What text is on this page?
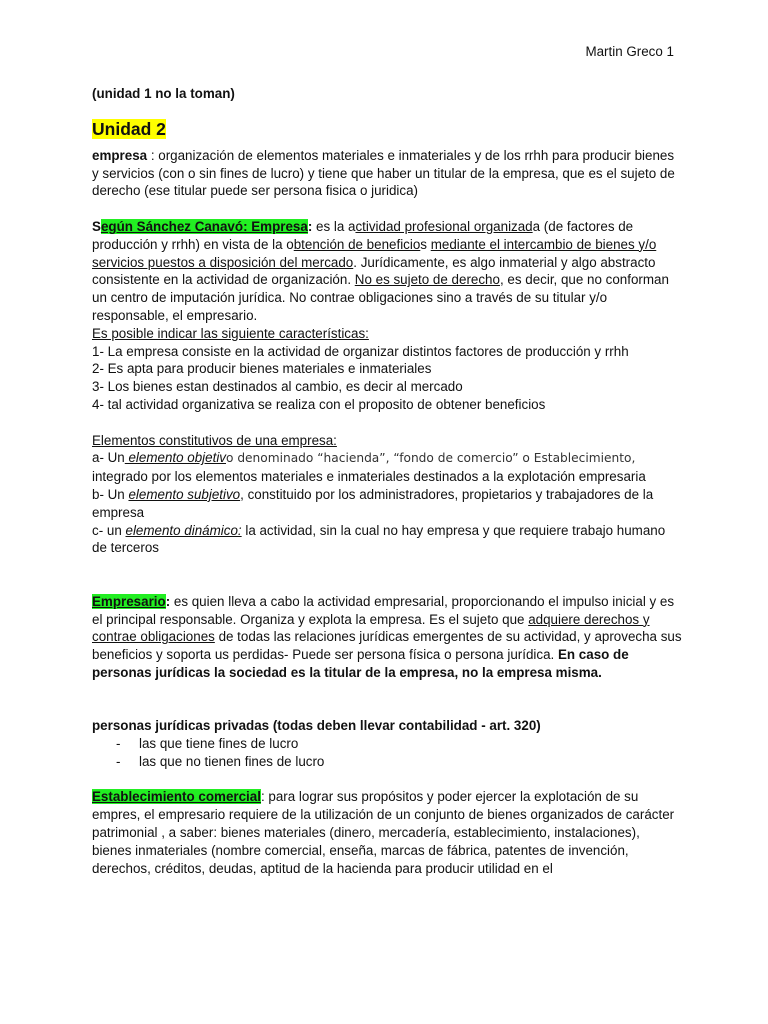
Martin Greco 1

(unidad 1 no la toman)

Unidad 2

empresa : organización de elementos materiales e inmateriales y de los rrhh para producir bienes y servicios (con o sin fines de lucro) y tiene que haber un titular de la empresa, que es el sujeto de derecho (ese titular puede ser persona fisica o juridica)

Según Sánchez Canavó: Empresa: es la actividad profesional organizada (de factores de producción y rrhh) en vista de la obtención de beneficios mediante el intercambio de bienes y/o servicios puestos a disposición del mercado. Jurídicamente, es algo inmaterial y algo abstracto consistente en la actividad de organización. No es sujeto de derecho, es decir, que no conforman un centro de imputación jurídica. No contrae obligaciones sino a través de su titular y/o responsable, el empresario.

Es posible indicar las siguiente características:

1- La empresa consiste en la actividad de organizar distintos factores de producción y rrhh

2- Es apta para producir bienes materiales e inmateriales

3- Los bienes estan destinados al cambio, es decir al mercado

4- tal actividad organizativa se realiza con el proposito de obtener beneficios

Elementos constitutivos de una empresa:

a- Un elemento objetivo denominado “hacienda”, “fondo de comercio” o Establecimiento, integrado por los elementos materiales e inmateriales destinados a la explotación empresaria

b- Un elemento subjetivo, constituido por los administradores, propietarios y trabajadores de la empresa

c- un elemento dinámico: la actividad, sin la cual no hay empresa y que requiere trabajo humano de terceros

Empresario: es quien lleva a cabo la actividad empresarial, proporcionando el impulso inicial y es el principal responsable. Organiza y explota la empresa. Es el sujeto que adquiere derechos y contrae obligaciones de todas las relaciones jurídicas emergentes de su actividad, y aprovecha sus beneficios y soporta us perdidas- Puede ser persona física o persona jurídica. En caso de personas jurídicas la sociedad es la titular de la empresa, no la empresa misma.

personas jurídicas privadas (todas deben llevar contabilidad - art. 320)

- las que tiene fines de lucro
- las que no tienen fines de lucro

Establecimiento comercial: para lograr sus propósitos y poder ejercer la explotación de su empres, el empresario requiere de la utilización de un conjunto de bienes organizados de carácter patrimonial , a saber: bienes materiales (dinero, mercadería, establecimiento, instalaciones), bienes inmateriales (nombre comercial, enseña, marcas de fábrica, patentes de invención, derechos, créditos, deudas, aptitud de la hacienda para producir utilidad en el
